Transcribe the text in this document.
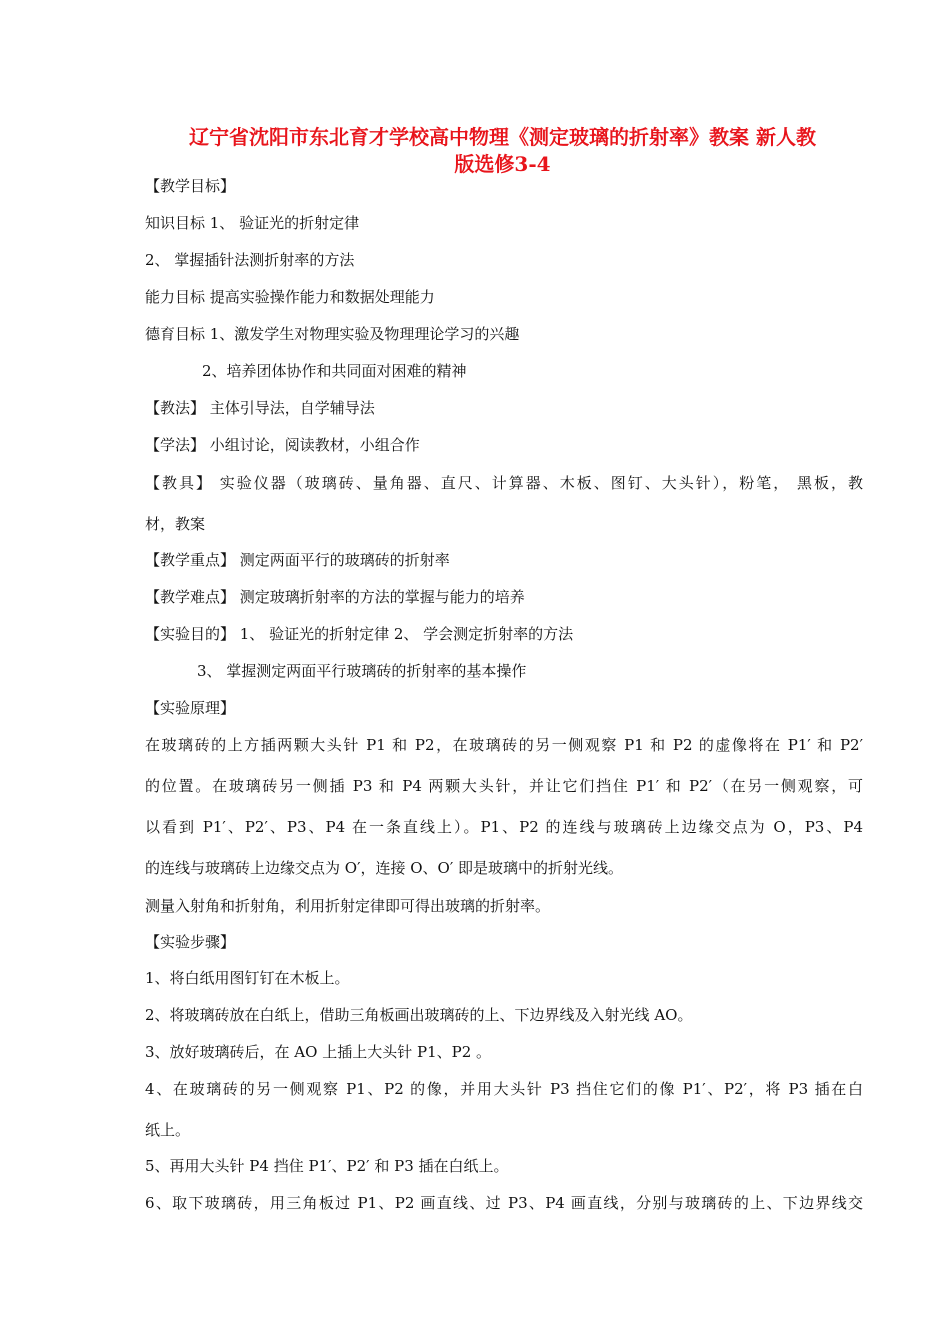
辽宁省沈阳市东北育才学校高中物理《测定玻璃的折射率》教案 新人教
版选修3-4
【教学目标】
知识目标 1、 验证光的折射定律
2、 掌握插针法测折射率的方法
能力目标 提高实验操作能力和数据处理能力
德育目标 1、激发学生对物理实验及物理理论学习的兴趣
2、培养团体协作和共同面对困难的精神
【教法】 主体引导法，自学辅导法
【学法】 小组讨论，阅读教材，小组合作
【教具】 实验仪器（玻璃砖、量角器、直尺、计算器、木板、图钉、大头针），粉笔， 黑板，教
材，教案
【教学重点】 测定两面平行的玻璃砖的折射率
【教学难点】 测定玻璃折射率的方法的掌握与能力的培养
【实验目的】 1、 验证光的折射定律 2、 学会测定折射率的方法
3、 掌握测定两面平行玻璃砖的折射率的基本操作
【实验原理】
在玻璃砖的上方插两颗大头针 P1 和 P2，在玻璃砖的另一侧观察 P1 和 P2 的虚像将在 P1′ 和 P2′
的位置。在玻璃砖另一侧插 P3 和 P4 两颗大头针，并让它们挡住 P1′ 和 P2′（在另一侧观察，可
以看到 P1′、P2′、P3、P4 在一条直线上）。P1、P2 的连线与玻璃砖上边缘交点为 O，P3、P4
的连线与玻璃砖上边缘交点为 O′，连接 O、O′ 即是玻璃中的折射光线。
测量入射角和折射角，利用折射定律即可得出玻璃的折射率。
【实验步骤】
1、将白纸用图钉钉在木板上。
2、将玻璃砖放在白纸上，借助三角板画出玻璃砖的上、下边界线及入射光线 AO。
3、放好玻璃砖后，在 AO 上插上大头针 P1、P2 。
4、在玻璃砖的另一侧观察 P1、P2 的像，并用大头针 P3 挡住它们的像 P1′、P2′，将 P3 插在白
纸上。
5、再用大头针 P4 挡住 P1′、P2′ 和 P3 插在白纸上。
6、取下玻璃砖，用三角板过 P1、P2 画直线、过 P3、P4 画直线，分别与玻璃砖的上、下边界线交
